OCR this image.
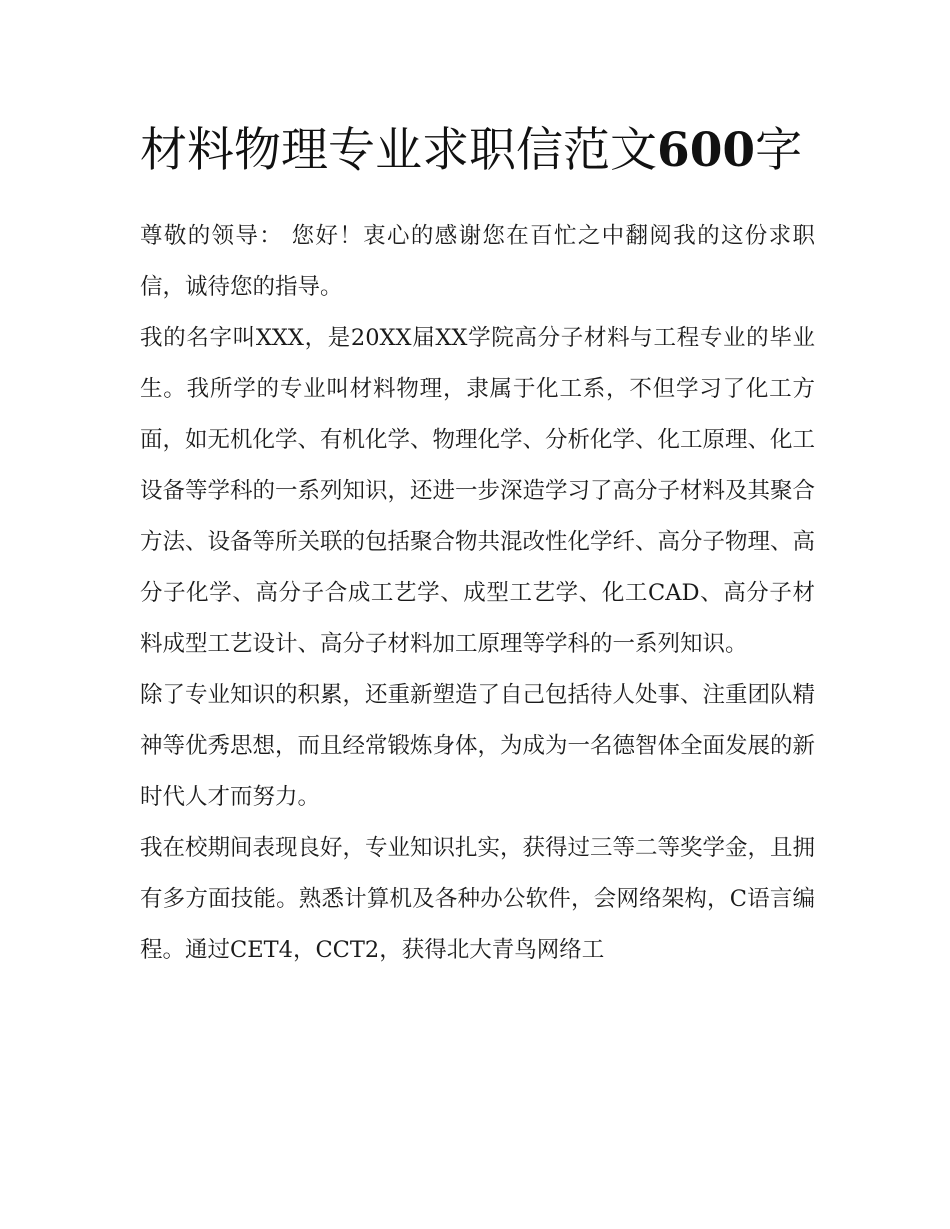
材料物理专业求职信范文600字

尊敬的领导： 您好！衷心的感谢您在百忙之中翻阅我的这份求职信，诚待您的指导。

我的名字叫XXX，是20XX届XX学院高分子材料与工程专业的毕业生。我所学的专业叫材料物理，隶属于化工系，不但学习了化工方面，如无机化学、有机化学、物理化学、分析化学、化工原理、化工设备等学科的一系列知识，还进一步深造学习了高分子材料及其聚合方法、设备等所关联的包括聚合物共混改性化学纤、高分子物理、高分子化学、高分子合成工艺学、成型工艺学、化工CAD、高分子材料成型工艺设计、高分子材料加工原理等学科的一系列知识。

除了专业知识的积累，还重新塑造了自己包括待人处事、注重团队精神等优秀思想，而且经常锻炼身体，为成为一名德智体全面发展的新时代人才而努力。

我在校期间表现良好，专业知识扎实，获得过三等二等奖学金，且拥有多方面技能。熟悉计算机及各种办公软件，会网络架构，C语言编程。通过CET4，CCT2，获得北大青鸟网络工
